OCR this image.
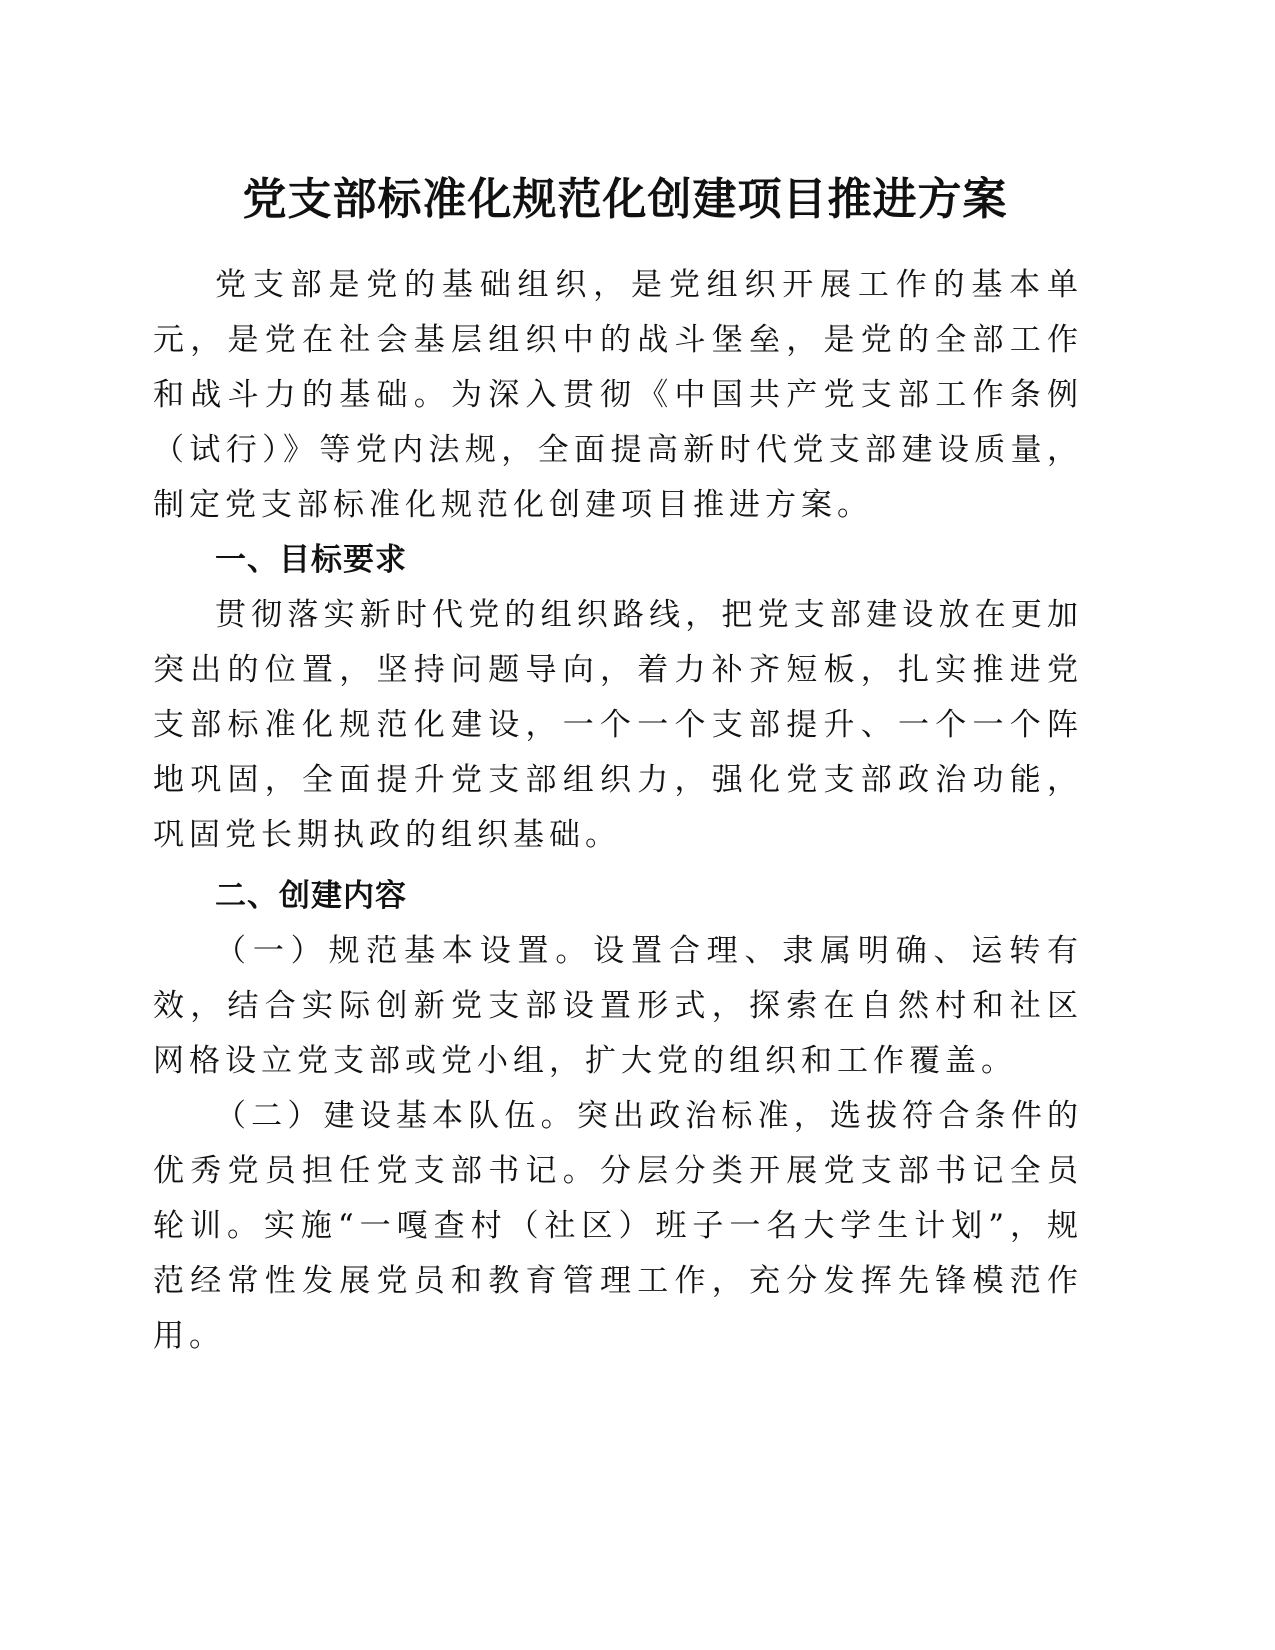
党支部标准化规范化创建项目推进方案

党支部是党的基础组织，是党组织开展工作的基本单元，是党在社会基层组织中的战斗堡垒，是党的全部工作和战斗力的基础。为深入贯彻《中国共产党支部工作条例（试行）》等党内法规，全面提高新时代党支部建设质量，制定党支部标准化规范化创建项目推进方案。

一、目标要求

贯彻落实新时代党的组织路线，把党支部建设放在更加突出的位置，坚持问题导向，着力补齐短板，扎实推进党支部标准化规范化建设，一个一个支部提升、一个一个阵地巩固，全面提升党支部组织力，强化党支部政治功能，巩固党长期执政的组织基础。

二、创建内容

（一）规范基本设置。设置合理、隶属明确、运转有效，结合实际创新党支部设置形式，探索在自然村和社区网格设立党支部或党小组，扩大党的组织和工作覆盖。

（二）建设基本队伍。突出政治标准，选拔符合条件的优秀党员担任党支部书记。分层分类开展党支部书记全员轮训。实施“一嘎查村（社区）班子一名大学生计划”，规范经常性发展党员和教育管理工作，充分发挥先锋模范作用。
